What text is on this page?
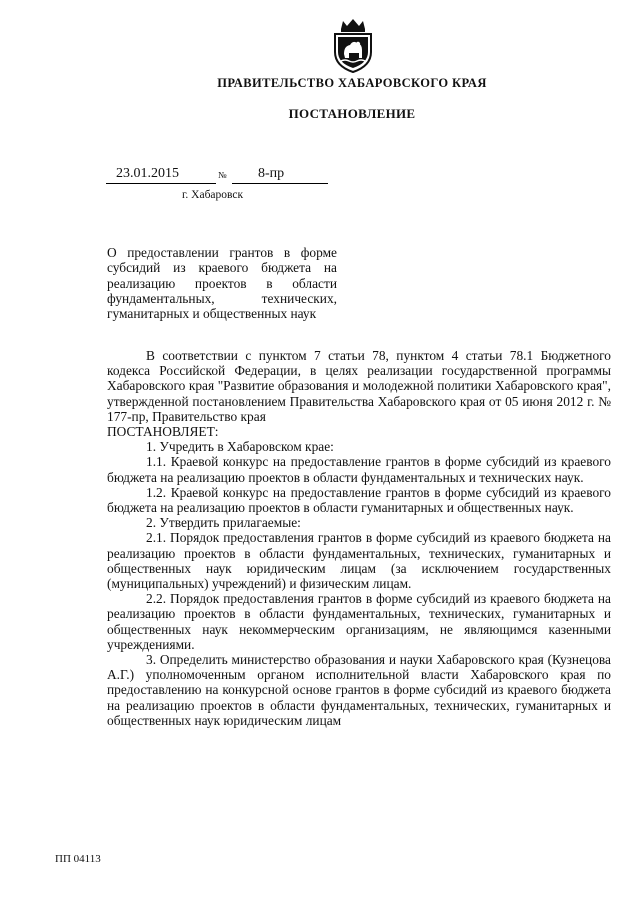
ПРАВИТЕЛЬСТВО ХАБАРОВСКОГО КРАЯ
ПОСТАНОВЛЕНИЕ
23.01.2015	№	8-пр
г. Хабаровск
О предоставлении грантов в форме субсидий из краевого бюджета на реализацию проектов в области фундаментальных, технических, гуманитарных и общественных наук

В соответствии с пунктом 7 статьи 78, пунктом 4 статьи 78.1 Бюджетного кодекса Российской Федерации, в целях реализации государственной программы Хабаровского края "Развитие образования и молодежной политики Хабаровского края", утвержденной постановлением Правительства Хабаровского края от 05 июня 2012 г. № 177-пр, Правительство края

ПОСТАНОВЛЯЕТ:

1. Учредить в Хабаровском крае:

1.1. Краевой конкурс на предоставление грантов в форме субсидий из краевого бюджета на реализацию проектов в области фундаментальных и технических наук.

1.2. Краевой конкурс на предоставление грантов в форме субсидий из краевого бюджета на реализацию проектов в области гуманитарных и общественных наук.

2. Утвердить прилагаемые:

2.1. Порядок предоставления грантов в форме субсидий из краевого бюджета на реализацию проектов в области фундаментальных, технических, гуманитарных и общественных наук юридическим лицам (за исключением государственных (муниципальных) учреждений) и физическим лицам.

2.2. Порядок предоставления грантов в форме субсидий из краевого бюджета на реализацию проектов в области фундаментальных, технических, гуманитарных и общественных наук некоммерческим организациям, не являющимся казенными учреждениями.

3. Определить министерство образования и науки Хабаровского края (Кузнецова А.Г.) уполномоченным органом исполнительной власти Хабаровского края по предоставлению на конкурсной основе грантов в форме субсидий из краевого бюджета на реализацию проектов в области фундаментальных, технических, гуманитарных и общественных наук юридическим лицам

ПП 04113
